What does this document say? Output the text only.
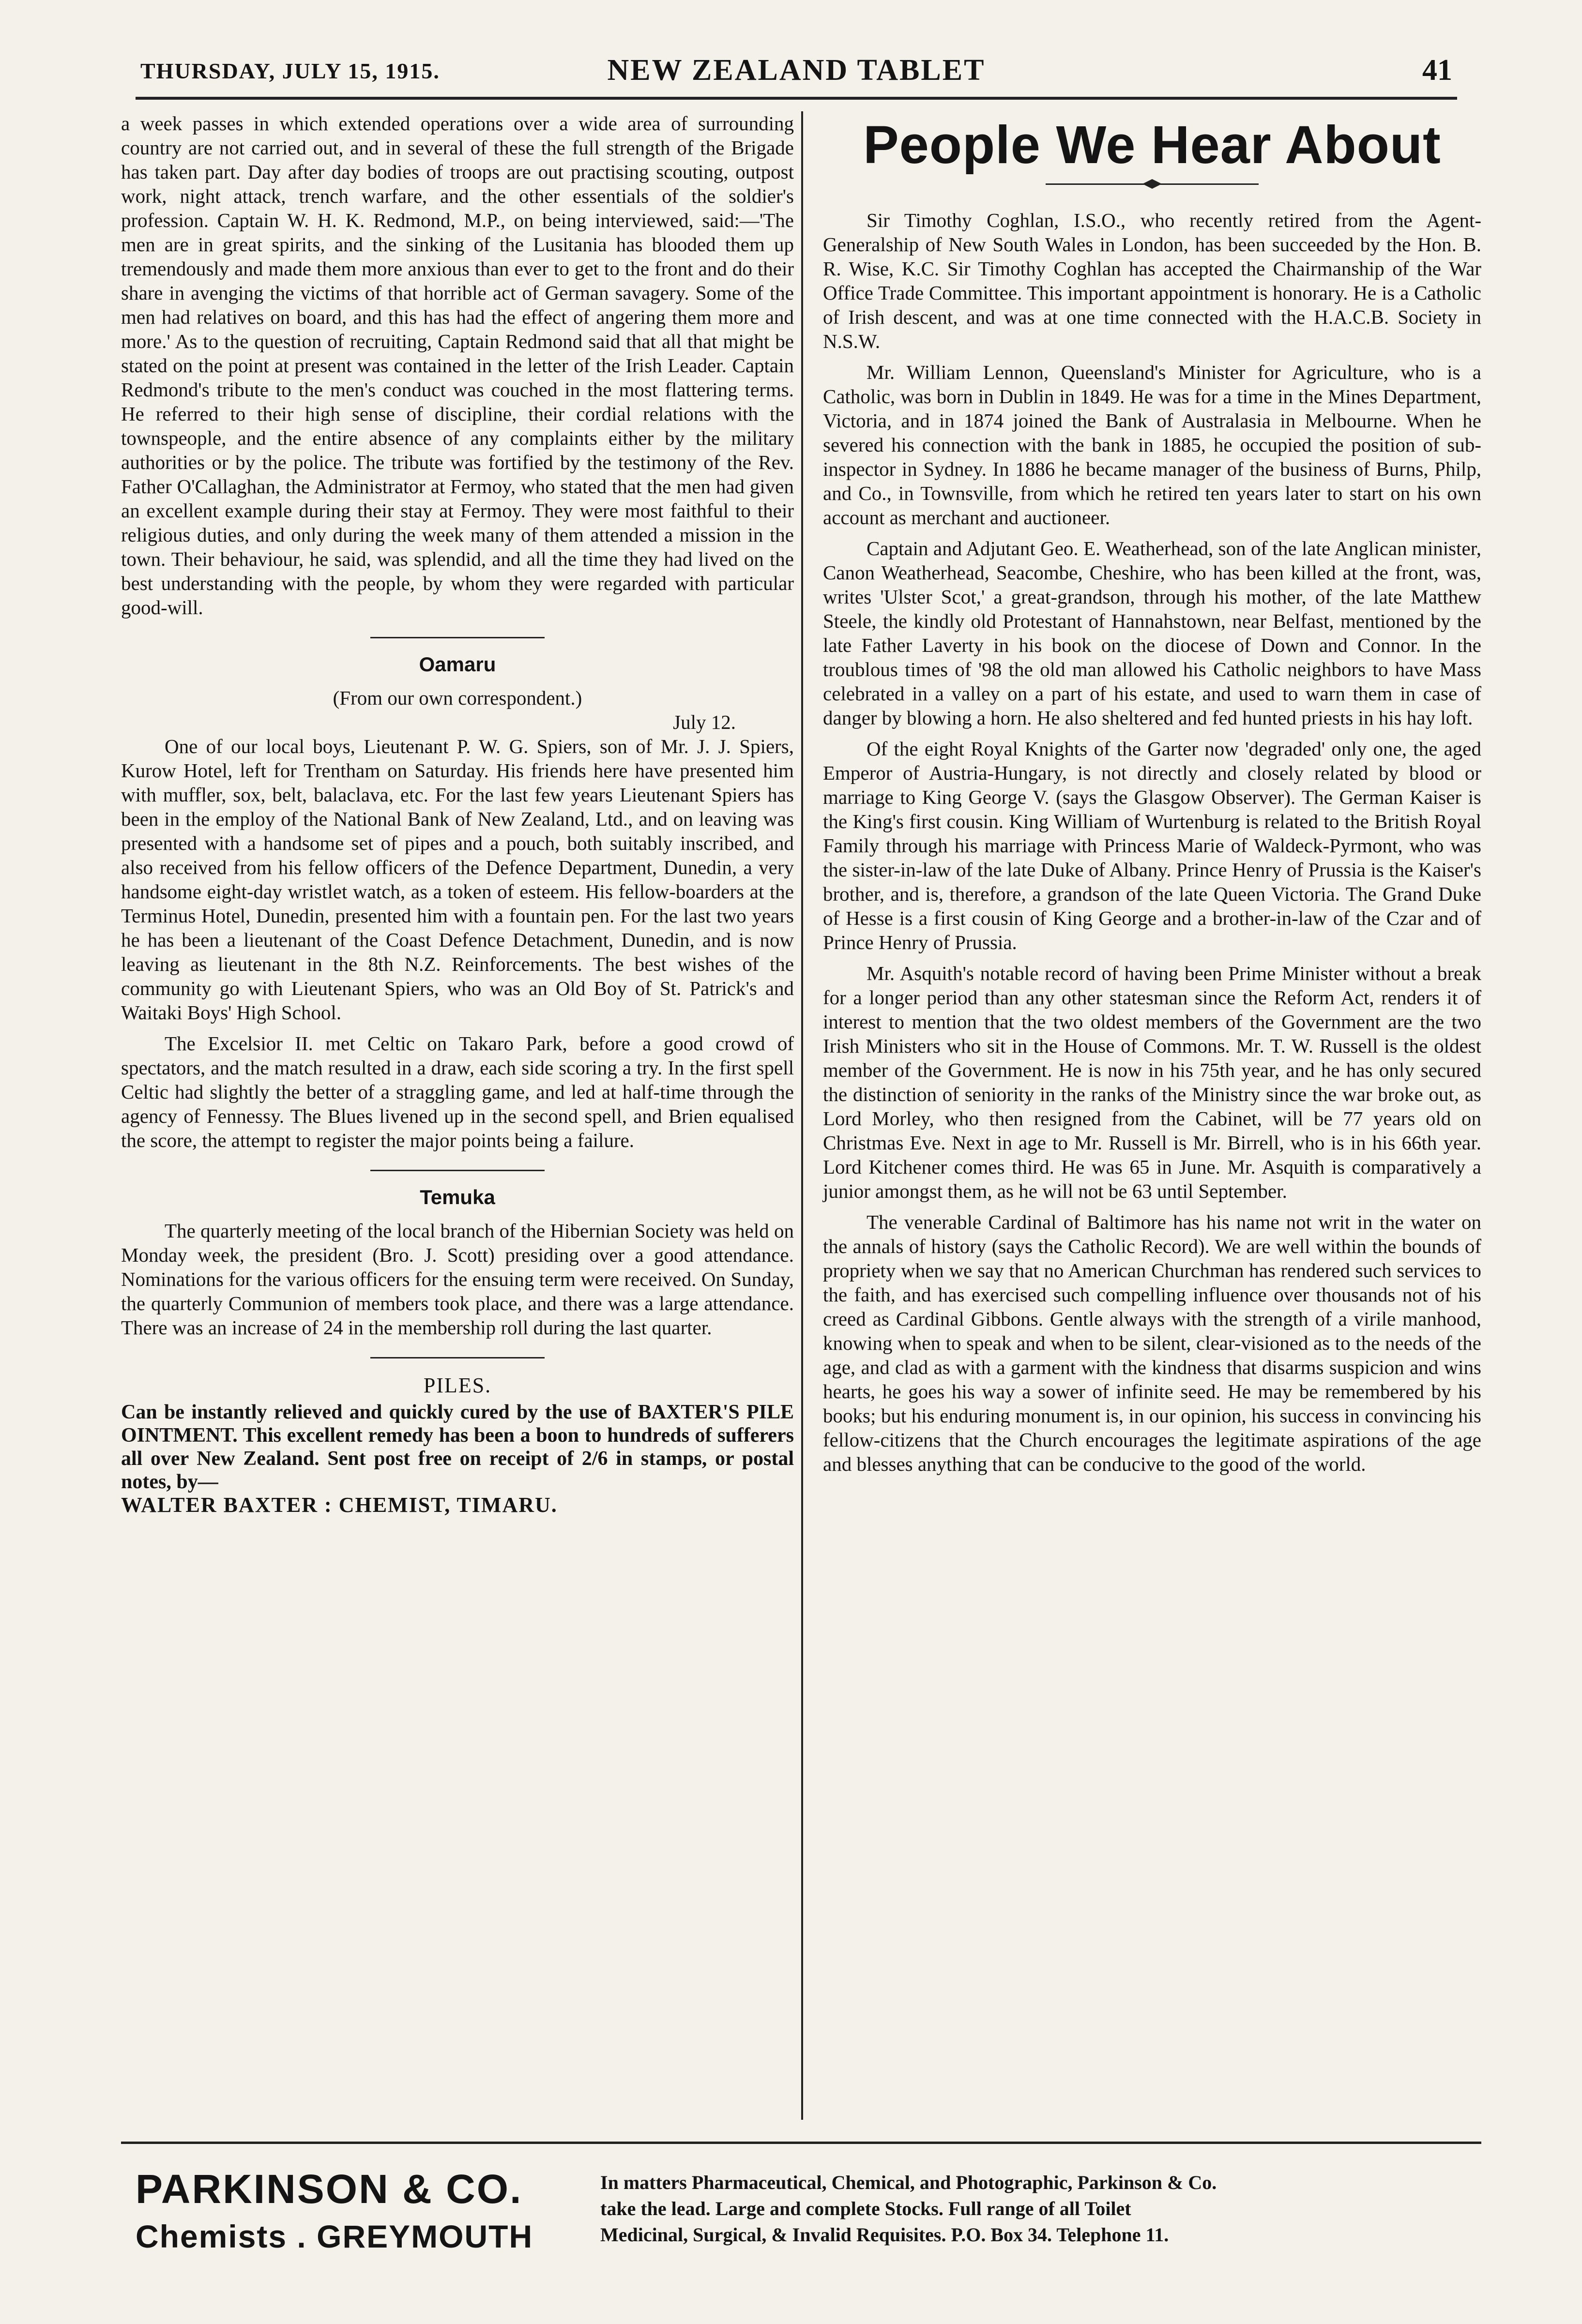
THURSDAY, JULY 15, 1915.	NEW ZEALAND TABLET	41

a week passes in which extended operations over a wide area of surrounding country are not carried out, and in several of these the full strength of the Brigade has taken part. Day after day bodies of troops are out practising scouting, outpost work, night attack, trench warfare, and the other essentials of the soldier's profession. Captain W. H. K. Redmond, M.P., on being interviewed, said:—'The men are in great spirits, and the sinking of the Lusitania has blooded them up tremendously and made them more anxious than ever to get to the front and do their share in avenging the victims of that horrible act of German savagery. Some of the men had relatives on board, and this has had the effect of angering them more and more.' As to the question of recruiting, Captain Redmond said that all that might be stated on the point at present was contained in the letter of the Irish Leader. Captain Redmond's tribute to the men's conduct was couched in the most flattering terms. He referred to their high sense of discipline, their cordial relations with the townspeople, and the entire absence of any complaints either by the military authorities or by the police. The tribute was fortified by the testimony of the Rev. Father O'Callaghan, the Administrator at Fermoy, who stated that the men had given an excellent example during their stay at Fermoy. They were most faithful to their religious duties, and only during the week many of them attended a mission in the town. Their behaviour, he said, was splendid, and all the time they had lived on the best understanding with the people, by whom they were regarded with particular good-will.

Oamaru

(From our own correspondent.)

July 12.

One of our local boys, Lieutenant P. W. G. Spiers, son of Mr. J. J. Spiers, Kurow Hotel, left for Trentham on Saturday. His friends here have presented him with muffler, sox, belt, balaclava, etc. For the last few years Lieutenant Spiers has been in the employ of the National Bank of New Zealand, Ltd., and on leaving was presented with a handsome set of pipes and a pouch, both suitably inscribed, and also received from his fellow officers of the Defence Department, Dunedin, a very handsome eight-day wristlet watch, as a token of esteem. His fellow-boarders at the Terminus Hotel, Dunedin, presented him with a fountain pen. For the last two years he has been a lieutenant of the Coast Defence Detachment, Dunedin, and is now leaving as lieutenant in the 8th N.Z. Reinforcements. The best wishes of the community go with Lieutenant Spiers, who was an Old Boy of St. Patrick's and Waitaki Boys' High School.

The Excelsior II. met Celtic on Takaro Park, before a good crowd of spectators, and the match resulted in a draw, each side scoring a try. In the first spell Celtic had slightly the better of a straggling game, and led at half-time through the agency of Fennessy. The Blues livened up in the second spell, and Brien equalised the score, the attempt to register the major points being a failure.

Temuka

The quarterly meeting of the local branch of the Hibernian Society was held on Monday week, the president (Bro. J. Scott) presiding over a good attendance. Nominations for the various officers for the ensuing term were received. On Sunday, the quarterly Communion of members took place, and there was a large attendance. There was an increase of 24 in the membership roll during the last quarter.

PILES.

Can be instantly relieved and quickly cured by the use of BAXTER'S PILE OINTMENT. This excellent remedy has been a boon to hundreds of sufferers all over New Zealand. Sent post free on receipt of 2/6 in stamps, or postal notes, by—

WALTER BAXTER : CHEMIST, TIMARU.

People We Hear About

Sir Timothy Coghlan, I.S.O., who recently retired from the Agent-Generalship of New South Wales in London, has been succeeded by the Hon. B. R. Wise, K.C. Sir Timothy Coghlan has accepted the Chairmanship of the War Office Trade Committee. This important appointment is honorary. He is a Catholic of Irish descent, and was at one time connected with the H.A.C.B. Society in N.S.W.

Mr. William Lennon, Queensland's Minister for Agriculture, who is a Catholic, was born in Dublin in 1849. He was for a time in the Mines Department, Victoria, and in 1874 joined the Bank of Australasia in Melbourne. When he severed his connection with the bank in 1885, he occupied the position of sub-inspector in Sydney. In 1886 he became manager of the business of Burns, Philp, and Co., in Townsville, from which he retired ten years later to start on his own account as merchant and auctioneer.

Captain and Adjutant Geo. E. Weatherhead, son of the late Anglican minister, Canon Weatherhead, Seacombe, Cheshire, who has been killed at the front, was, writes 'Ulster Scot,' a great-grandson, through his mother, of the late Matthew Steele, the kindly old Protestant of Hannahstown, near Belfast, mentioned by the late Father Laverty in his book on the diocese of Down and Connor. In the troublous times of '98 the old man allowed his Catholic neighbors to have Mass celebrated in a valley on a part of his estate, and used to warn them in case of danger by blowing a horn. He also sheltered and fed hunted priests in his hay loft.

Of the eight Royal Knights of the Garter now 'degraded' only one, the aged Emperor of Austria-Hungary, is not directly and closely related by blood or marriage to King George V. (says the Glasgow Observer). The German Kaiser is the King's first cousin. King William of Wurtenburg is related to the British Royal Family through his marriage with Princess Marie of Waldeck-Pyrmont, who was the sister-in-law of the late Duke of Albany. Prince Henry of Prussia is the Kaiser's brother, and is, therefore, a grandson of the late Queen Victoria. The Grand Duke of Hesse is a first cousin of King George and a brother-in-law of the Czar and of Prince Henry of Prussia.

Mr. Asquith's notable record of having been Prime Minister without a break for a longer period than any other statesman since the Reform Act, renders it of interest to mention that the two oldest members of the Government are the two Irish Ministers who sit in the House of Commons. Mr. T. W. Russell is the oldest member of the Government. He is now in his 75th year, and he has only secured the distinction of seniority in the ranks of the Ministry since the war broke out, as Lord Morley, who then resigned from the Cabinet, will be 77 years old on Christmas Eve. Next in age to Mr. Russell is Mr. Birrell, who is in his 66th year. Lord Kitchener comes third. He was 65 in June. Mr. Asquith is comparatively a junior amongst them, as he will not be 63 until September.

The venerable Cardinal of Baltimore has his name not writ in the water on the annals of history (says the Catholic Record). We are well within the bounds of propriety when we say that no American Churchman has rendered such services to the faith, and has exercised such compelling influence over thousands not of his creed as Cardinal Gibbons. Gentle always with the strength of a virile manhood, knowing when to speak and when to be silent, clear-visioned as to the needs of the age, and clad as with a garment with the kindness that disarms suspicion and wins hearts, he goes his way a sower of infinite seed. He may be remembered by his books; but his enduring monument is, in our opinion, his success in convincing his fellow-citizens that the Church encourages the legitimate aspirations of the age and blesses anything that can be conducive to the good of the world.

PARKINSON & CO.
Chemists . GREYMOUTH
In matters Pharmaceutical, Chemical, and Photographic, Parkinson & Co.
take the lead. Large and complete Stocks. Full range of all Toilet
Medicinal, Surgical, & Invalid Requisites. P.O. Box 34. Telephone 11.
